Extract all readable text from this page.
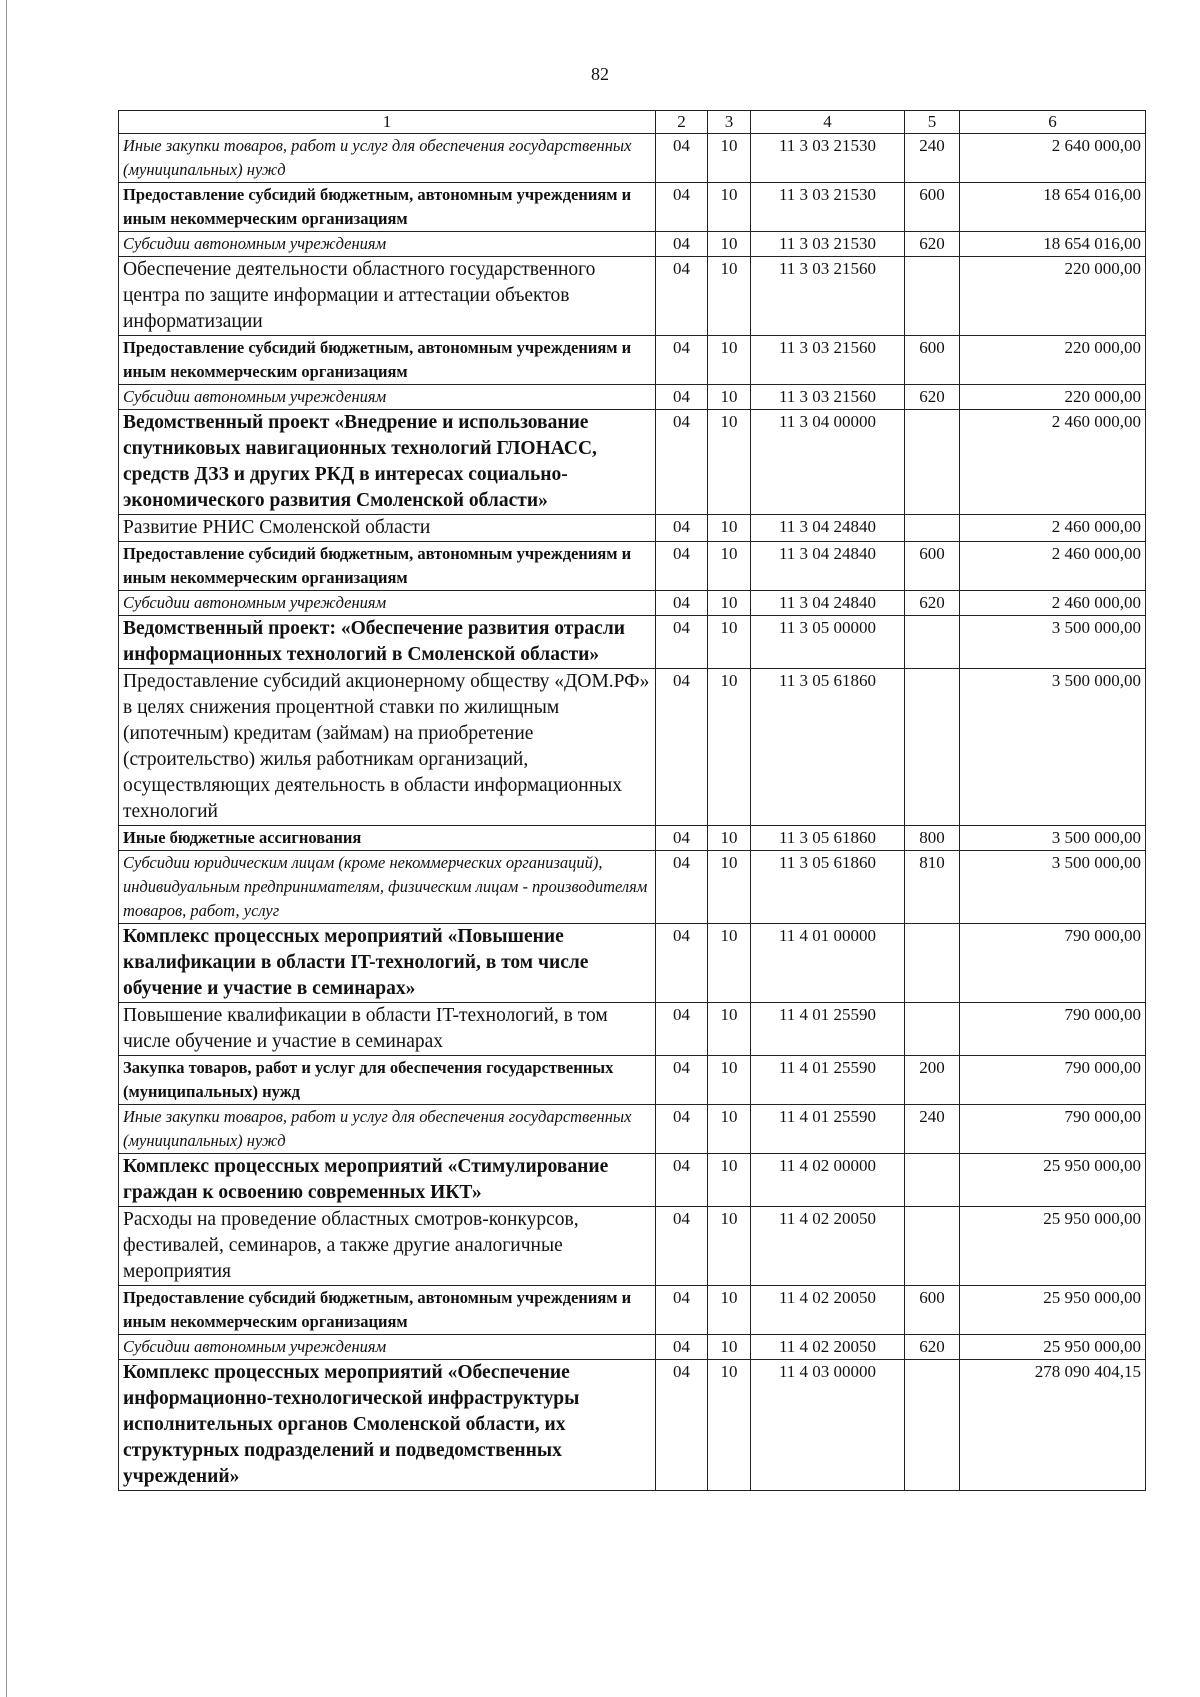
82
1	2	3	4	5	6
Иные закупки товаров, работ и услуг для обеспечения государственных (муниципальных) нужд	04	10	11 3 03 21530	240	2 640 000,00
Предоставление субсидий бюджетным, автономным учреждениям и иным некоммерческим организациям	04	10	11 3 03 21530	600	18 654 016,00
Субсидии автономным учреждениям	04	10	11 3 03 21530	620	18 654 016,00
Обеспечение деятельности областного государственного центра по защите информации и аттестации объектов информатизации	04	10	11 3 03 21560		220 000,00
Предоставление субсидий бюджетным, автономным учреждениям и иным некоммерческим организациям	04	10	11 3 03 21560	600	220 000,00
Субсидии автономным учреждениям	04	10	11 3 03 21560	620	220 000,00
Ведомственный проект «Внедрение и использование спутниковых навигационных технологий ГЛОНАСС, средств ДЗЗ и других РКД в интересах социально-экономического развития Смоленской области»	04	10	11 3 04 00000		2 460 000,00
Развитие РНИС Смоленской области	04	10	11 3 04 24840		2 460 000,00
Предоставление субсидий бюджетным, автономным учреждениям и иным некоммерческим организациям	04	10	11 3 04 24840	600	2 460 000,00
Субсидии автономным учреждениям	04	10	11 3 04 24840	620	2 460 000,00
Ведомственный проект: «Обеспечение развития отрасли информационных технологий в Смоленской области»	04	10	11 3 05 00000		3 500 000,00
Предоставление субсидий акционерному обществу «ДОМ.РФ» в целях снижения процентной ставки по жилищным (ипотечным) кредитам (займам) на приобретение (строительство) жилья работникам организаций, осуществляющих деятельность в области информационных технологий	04	10	11 3 05 61860		3 500 000,00
Иные бюджетные ассигнования	04	10	11 3 05 61860	800	3 500 000,00
Субсидии юридическим лицам (кроме некоммерческих организаций), индивидуальным предпринимателям, физическим лицам - производителям товаров, работ, услуг	04	10	11 3 05 61860	810	3 500 000,00
Комплекс процессных мероприятий «Повышение квалификации в области IT-технологий, в том числе обучение и участие в семинарах»	04	10	11 4 01 00000		790 000,00
Повышение квалификации в области IT-технологий, в том числе обучение и участие в семинарах	04	10	11 4 01 25590		790 000,00
Закупка товаров, работ и услуг для обеспечения государственных (муниципальных) нужд	04	10	11 4 01 25590	200	790 000,00
Иные закупки товаров, работ и услуг для обеспечения государственных (муниципальных) нужд	04	10	11 4 01 25590	240	790 000,00
Комплекс процессных мероприятий «Стимулирование граждан к освоению современных ИКТ»	04	10	11 4 02 00000		25 950 000,00
Расходы на проведение областных смотров-конкурсов, фестивалей, семинаров, а также другие аналогичные мероприятия	04	10	11 4 02 20050		25 950 000,00
Предоставление субсидий бюджетным, автономным учреждениям и иным некоммерческим организациям	04	10	11 4 02 20050	600	25 950 000,00
Субсидии автономным учреждениям	04	10	11 4 02 20050	620	25 950 000,00
Комплекс процессных мероприятий «Обеспечение информационно-технологической инфраструктуры исполнительных органов Смоленской области, их структурных подразделений и подведомственных учреждений»	04	10	11 4 03 00000		278 090 404,15
